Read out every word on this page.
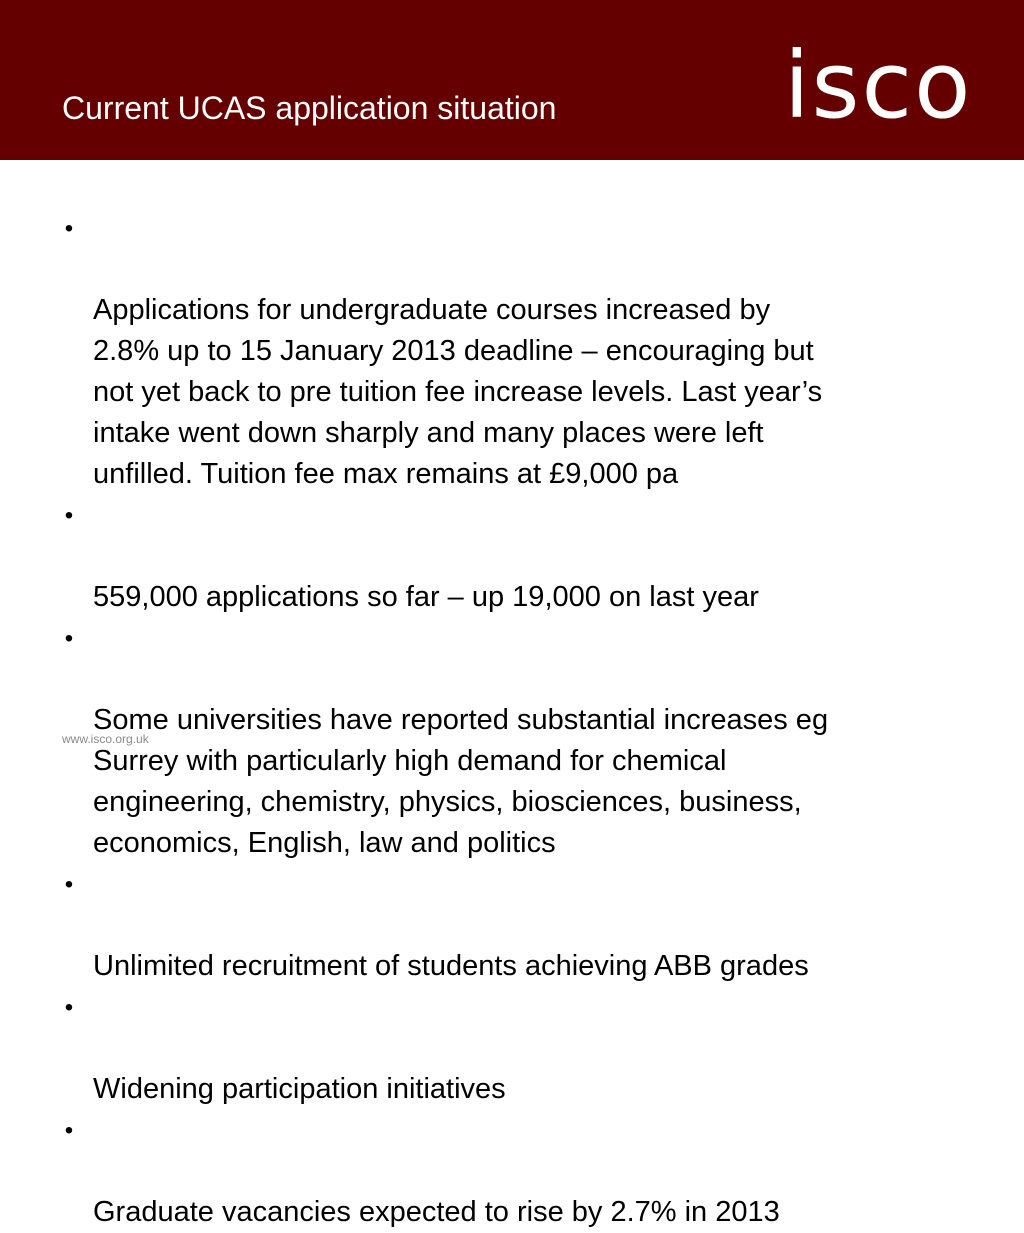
Current UCAS application situation isco

•

Applications for undergraduate courses increased by
2.8% up to 15 January 2013 deadline – encouraging but
not yet back to pre tuition fee increase levels. Last year’s
intake went down sharply and many places were left
unfilled. Tuition fee max remains at £9,000 pa

•

559,000 applications so far – up 19,000 on last year

•

Some universities have reported substantial increases eg
Surrey with particularly high demand for chemical
engineering, chemistry, physics, biosciences, business,
economics, English, law and politics

•

Unlimited recruitment of students achieving ABB grades

•

Widening participation initiatives

•

Graduate vacancies expected to rise by 2.7% in 2013

www.isco.org.uk
